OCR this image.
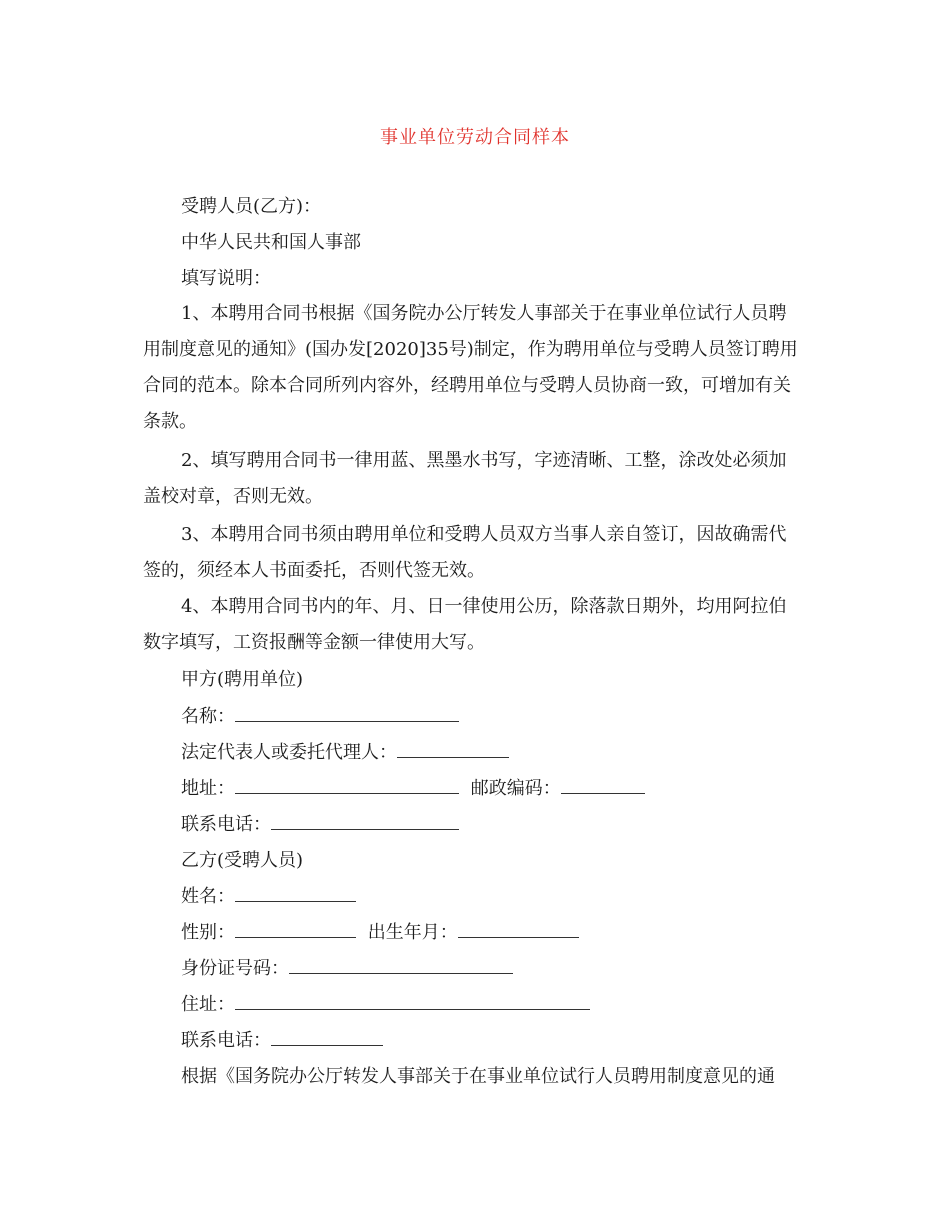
事业单位劳动合同样本
受聘人员(乙方)：
中华人民共和国人事部
填写说明：
1、本聘用合同书根据《国务院办公厅转发人事部关于在事业单位试行人员聘用制度意见的通知》(国办发[2020]35号)制定，作为聘用单位与受聘人员签订聘用合同的范本。除本合同所列内容外，经聘用单位与受聘人员协商一致，可增加有关条款。
2、填写聘用合同书一律用蓝、黑墨水书写，字迹清晰、工整，涂改处必须加盖校对章，否则无效。
3、本聘用合同书须由聘用单位和受聘人员双方当事人亲自签订，因故确需代签的，须经本人书面委托，否则代签无效。
4、本聘用合同书内的年、月、日一律使用公历，除落款日期外，均用阿拉伯数字填写，工资报酬等金额一律使用大写。
甲方(聘用单位)
名称：
法定代表人或委托代理人：
地址：	邮政编码：
联系电话：
乙方(受聘人员)
姓名：
性别：	出生年月：
身份证号码：
住址：
联系电话：
根据《国务院办公厅转发人事部关于在事业单位试行人员聘用制度意见的通
